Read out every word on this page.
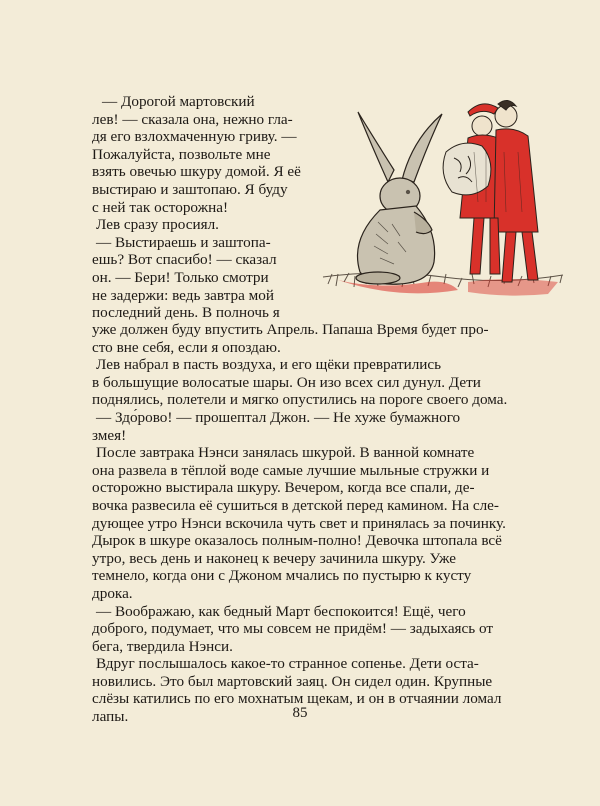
— Дорогой мартовский
лев! — сказала она, нежно гла-
дя его взлохмаченную гриву. —
Пожалуйста, позвольте мне
взять овечью шкуру домой. Я её
выстираю и заштопаю. Я буду
с ней так осторожна!
Лев сразу просиял.
— Выстираешь и заштопа-
ешь? Вот спасибо! — сказал
он. — Бери! Только смотри
не задержи: ведь завтра мой
последний день. В полночь я
уже должен буду впустить Апрель. Папаша Время будет про-
сто вне себя, если я опоздаю.
Лев набрал в пасть воздуха, и его щёки превратились
в большущие волосатые шары. Он изо всех сил дунул. Дети
поднялись, полетели и мягко опустились на пороге своего дома.
— Здо́рово! — прошептал Джон. — Не хуже бумажного
змея!
После завтрака Нэнси занялась шкурой. В ванной комнате
она развела в тёплой воде самые лучшие мыльные стружки и
осторожно выстирала шкуру. Вечером, когда все спали, де-
вочка развесила её сушиться в детской перед камином. На сле-
дующее утро Нэнси вскочила чуть свет и принялась за починку.
Дырок в шкуре оказалось полным-полно! Девочка штопала всё
утро, весь день и наконец к вечеру зачинила шкуру. Уже
темнело, когда они с Джоном мчались по пустырю к кусту
дрока.
— Воображаю, как бедный Март беспокоится! Ещё, чего
доброго, подумает, что мы совсем не придём! — задыхаясь от
бега, твердила Нэнси.
Вдруг послышалось какое-то странное сопенье. Дети оста-
новились. Это был мартовский заяц. Он сидел один. Крупные
слёзы катились по его мохнатым щекам, и он в отчаянии ломал
лапы.	85
